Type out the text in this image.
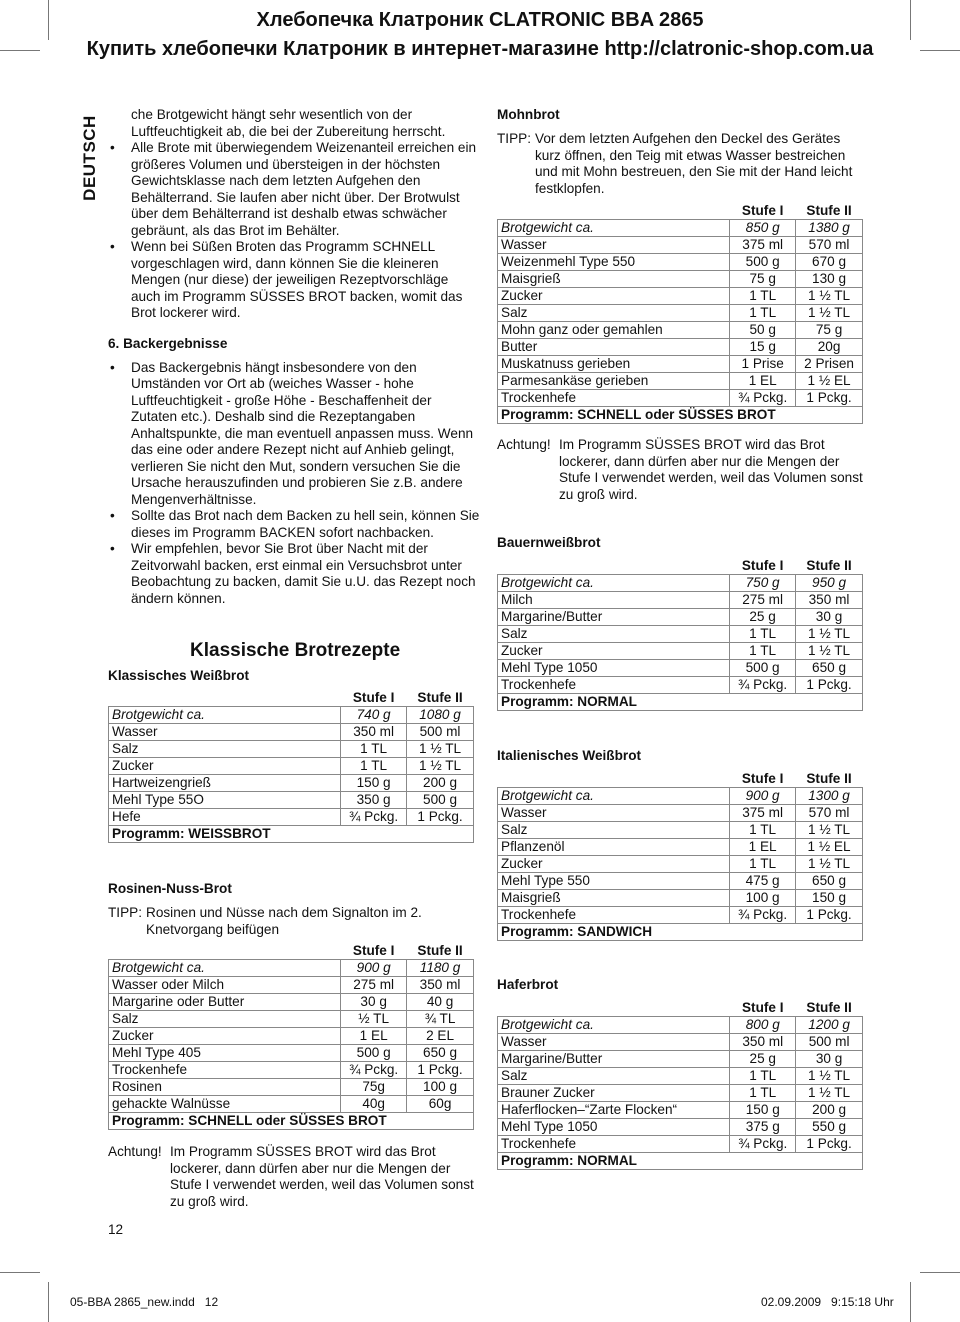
Хлебопечка Клатроник CLATRONIC BBA 2865
Купить хлебопечки Клатроник в интернет-магазине http://clatronic-shop.com.ua
DEUTSCH

che Brotgewicht hängt sehr wesentlich von der Luftfeuchtigkeit ab, die bei der Zubereitung herrscht.

• Alle Brote mit überwiegendem Weizenanteil erreichen ein größeres Volumen und übersteigen in der höchsten Gewichtsklasse nach dem letzten Aufgehen den Behälterrand. Sie laufen aber nicht über. Der Brotwulst über dem Behälterrand ist deshalb etwas schwächer gebräunt, als das Brot im Behälter.

• Wenn bei Süßen Broten das Programm SCHNELL vorgeschlagen wird, dann können Sie die kleineren Mengen (nur diese) der jeweiligen Rezeptvorschläge auch im Programm SÜSSES BROT backen, womit das Brot lockerer wird.

6. Backergebnisse

• Das Backergebnis hängt insbesondere von den Umständen vor Ort ab (weiches Wasser - hohe Luftfeuchtigkeit - große Höhe - Beschaffenheit der Zutaten etc.). Deshalb sind die Rezeptangaben Anhaltspunkte, die man eventuell anpassen muss. Wenn das eine oder andere Rezept nicht auf Anhieb gelingt, verlieren Sie nicht den Mut, sondern versuchen Sie die Ursache herauszufinden und probieren Sie z.B. andere Mengenverhältnisse.

• Sollte das Brot nach dem Backen zu hell sein, können Sie dieses im Programm BACKEN sofort nachbacken.

• Wir empfehlen, bevor Sie Brot über Nacht mit der Zeitvorwahl backen, erst einmal ein Versuchsbrot unter Beobachtung zu backen, damit Sie u.U. das Rezept noch ändern können.

Klassische Brotrezepte
Klassisches Weißbrot
	Stufe I	Stufe II
Brotgewicht ca.	740 g	1080 g
Wasser	350 ml	500 ml
Salz	1 TL	1 ½ TL
Zucker	1 TL	1 ½ TL
Hartweizengrieß	150 g	200 g
Mehl Type 55O	350 g	500 g
Hefe	¾ Pckg.	1 Pckg.
Programm: WEISSBROT		
Rosinen-Nuss-Brot
TIPP: Rosinen und Nüsse nach dem Signalton im 2. Knetvorgang beifügen
	Stufe I	Stufe II
Brotgewicht ca.	900 g	1180 g
Wasser oder Milch	275 ml	350 ml
Margarine oder Butter	30 g	40 g
Salz	½ TL	¾ TL
Zucker	1 EL	2 EL
Mehl Type 405	500 g	650 g
Trockenhefe	¾ Pckg.	1 Pckg.
Rosinen	75g	100 g
gehackte Walnüsse	40g	60g
Programm: SCHNELL oder SÜSSES BROT		
Achtung! Im Programm SÜSSES BROT wird das Brot lockerer, dann dürfen aber nur die Mengen der Stufe I verwendet werden, weil das Volumen sonst zu groß wird.
12
Mohnbrot
TIPP: Vor dem letzten Aufgehen den Deckel des Gerätes kurz öffnen, den Teig mit etwas Wasser bestreichen und mit Mohn bestreuen, den Sie mit der Hand leicht festklopfen.
	Stufe I	Stufe II
Brotgewicht ca.	850 g	1380 g
Wasser	375 ml	570 ml
Weizenmehl Type 550	500 g	670 g
Maisgrieß	75 g	130 g
Zucker	1 TL	1 ½ TL
Salz	1 TL	1 ½ TL
Mohn ganz oder gemahlen	50 g	75 g
Butter	15 g	20g
Muskatnuss gerieben	1 Prise	2 Prisen
Parmesankäse gerieben	1 EL	1 ½ EL
Trockenhefe	¾ Pckg.	1 Pckg.
Programm: SCHNELL oder SÜSSES BROT		
Achtung! Im Programm SÜSSES BROT wird das Brot lockerer, dann dürfen aber nur die Mengen der Stufe I verwendet werden, weil das Volumen sonst zu groß wird.
Bauernweißbrot
	Stufe I	Stufe II
Brotgewicht ca.	750 g	950 g
Milch	275 ml	350 ml
Margarine/Butter	25 g	30 g
Salz	1 TL	1 ½ TL
Zucker	1 TL	1 ½ TL
Mehl Type 1050	500 g	650 g
Trockenhefe	¾ Pckg.	1 Pckg.
Programm: NORMAL		
Italienisches Weißbrot
	Stufe I	Stufe II
Brotgewicht ca.	900 g	1300 g
Wasser	375 ml	570 ml
Salz	1 TL	1 ½ TL
Pflanzenöl	1 EL	1 ½ EL
Zucker	1 TL	1 ½ TL
Mehl Type 550	475 g	650 g
Maisgrieß	100 g	150 g
Trockenhefe	¾ Pckg.	1 Pckg.
Programm: SANDWICH		
Haferbrot
	Stufe I	Stufe II
Brotgewicht ca.	800 g	1200 g
Wasser	350 ml	500 ml
Margarine/Butter	25 g	30 g
Salz	1 TL	1 ½ TL
Brauner Zucker	1 TL	1 ½ TL
Haferflocken–“Zarte Flocken“	150 g	200 g
Mehl Type 1050	375 g	550 g
Trockenhefe	¾ Pckg.	1 Pckg.
Programm: NORMAL		
05-BBA 2865_new.indd   12	02.09.2009   9:15:18 Uhr
